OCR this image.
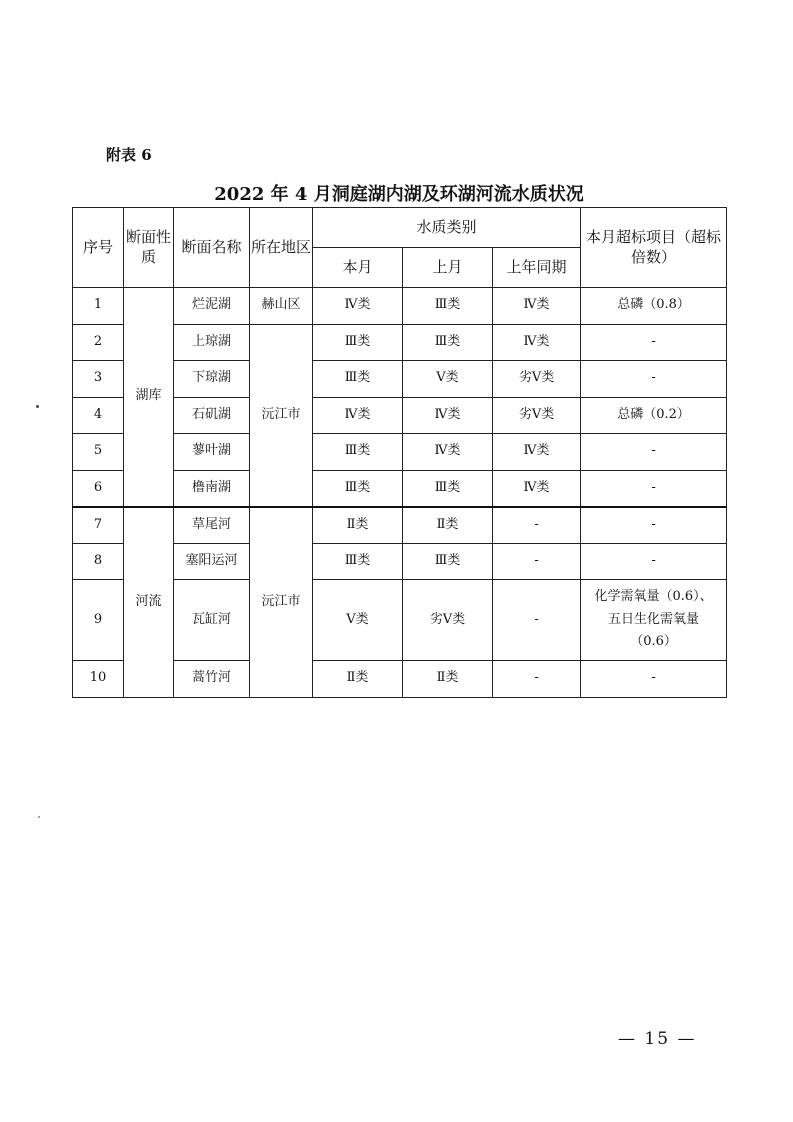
附表 6
2022 年 4 月洞庭湖内湖及环湖河流水质状况
序号	断面性质	断面名称	所在地区	水质类别			本月超标项目（超标倍数）
				本月	上月	上年同期	
1	湖库	烂泥湖	赫山区	Ⅳ类	Ⅲ类	Ⅳ类	总磷（0.8）
2		上琼湖	沅江市	Ⅲ类	Ⅲ类	Ⅳ类	-
3		下琼湖		Ⅲ类	Ⅴ类	劣Ⅴ类	-
4		石矶湖		Ⅳ类	Ⅳ类	劣Ⅴ类	总磷（0.2）
5		蓼叶湖		Ⅲ类	Ⅳ类	Ⅳ类	-
6		橹南湖		Ⅲ类	Ⅲ类	Ⅳ类	-
7	河流	草尾河	沅江市	Ⅱ类	Ⅱ类	-	-
8		塞阳运河		Ⅲ类	Ⅲ类	-	-
9		瓦缸河		Ⅴ类	劣Ⅴ类	-	化学需氧量（0.6）、
五日生化需氧量
（0.6）

10		蒿竹河		Ⅱ类	Ⅱ类	-	-
— 15 —
